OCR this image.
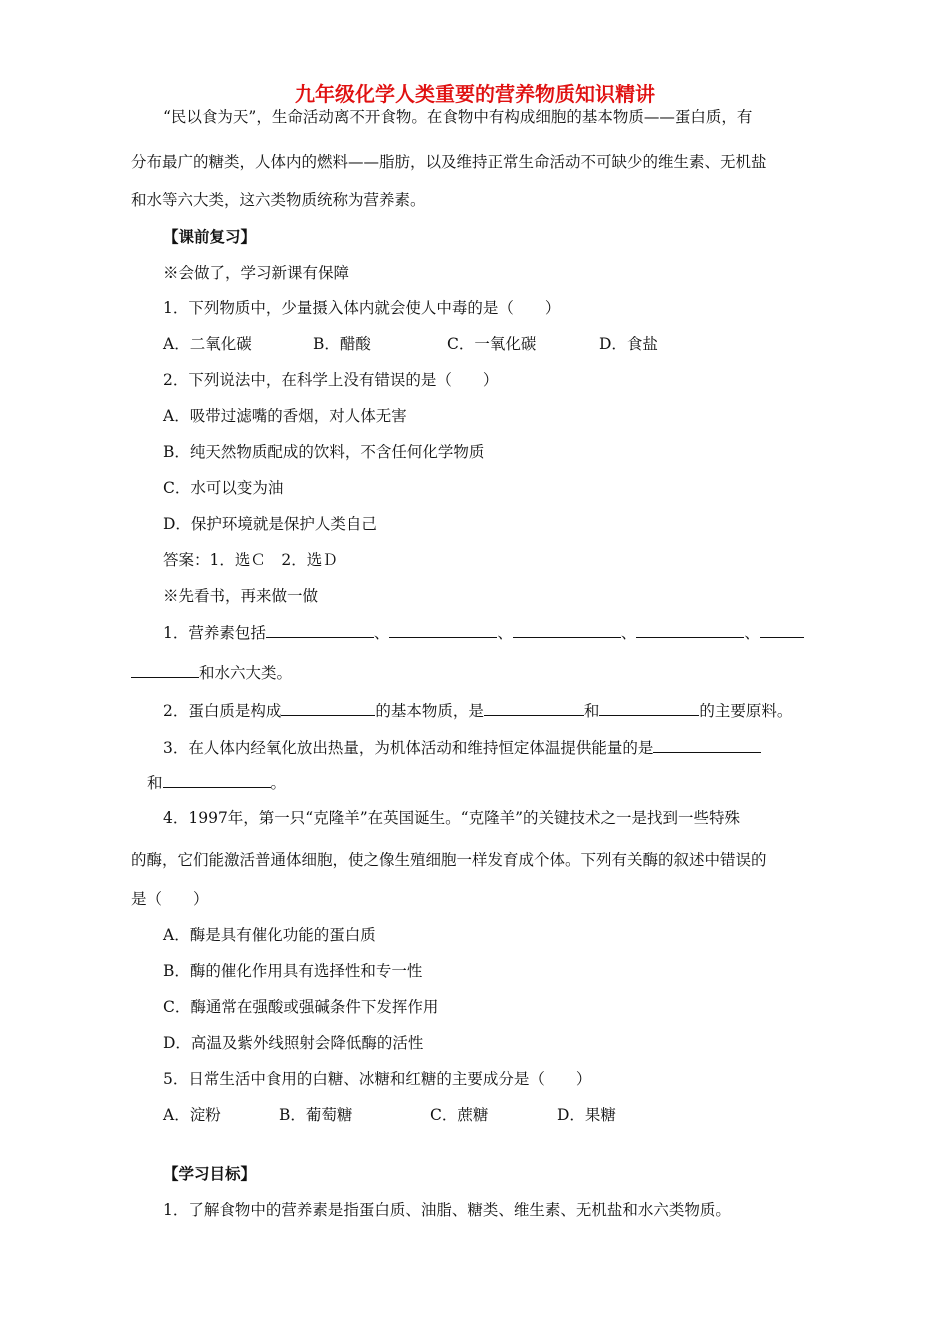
九年级化学人类重要的营养物质知识精讲
“民以食为天”，生命活动离不开食物。在食物中有构成细胞的基本物质——蛋白质，有
分布最广的糖类，人体内的燃料——脂肪，以及维持正常生命活动不可缺少的维生素、无机盐
和水等六大类，这六类物质统称为营养素。
【课前复习】
※会做了，学习新课有保障
1．下列物质中，少量摄入体内就会使人中毒的是（　　）
A．二氧化碳	B．醋酸	C．一氧化碳	D．食盐
2．下列说法中，在科学上没有错误的是（　　）
A．吸带过滤嘴的香烟，对人体无害
B．纯天然物质配成的饮料，不含任何化学物质
C．水可以变为油
D．保护环境就是保护人类自己
答案：1．选Ｃ　2．选Ｄ
※先看书，再来做一做
1．营养素包括	、	、	、	、
和水六大类。
2．蛋白质是构成	的基本物质，是	和	的主要原料。
3．在人体内经氧化放出热量，为机体活动和维持恒定体温提供能量的是
和	。
4．1997年，第一只“克隆羊”在英国诞生。“克隆羊”的关键技术之一是找到一些特殊
的酶，它们能激活普通体细胞，使之像生殖细胞一样发育成个体。下列有关酶的叙述中错误的
是（　　）
A．酶是具有催化功能的蛋白质
B．酶的催化作用具有选择性和专一性
C．酶通常在强酸或强碱条件下发挥作用
D．高温及紫外线照射会降低酶的活性
5．日常生活中食用的白糖、冰糖和红糖的主要成分是（　　）
A．淀粉	B．葡萄糖	C．蔗糖	D．果糖
【学习目标】
1．了解食物中的营养素是指蛋白质、油脂、糖类、维生素、无机盐和水六类物质。
